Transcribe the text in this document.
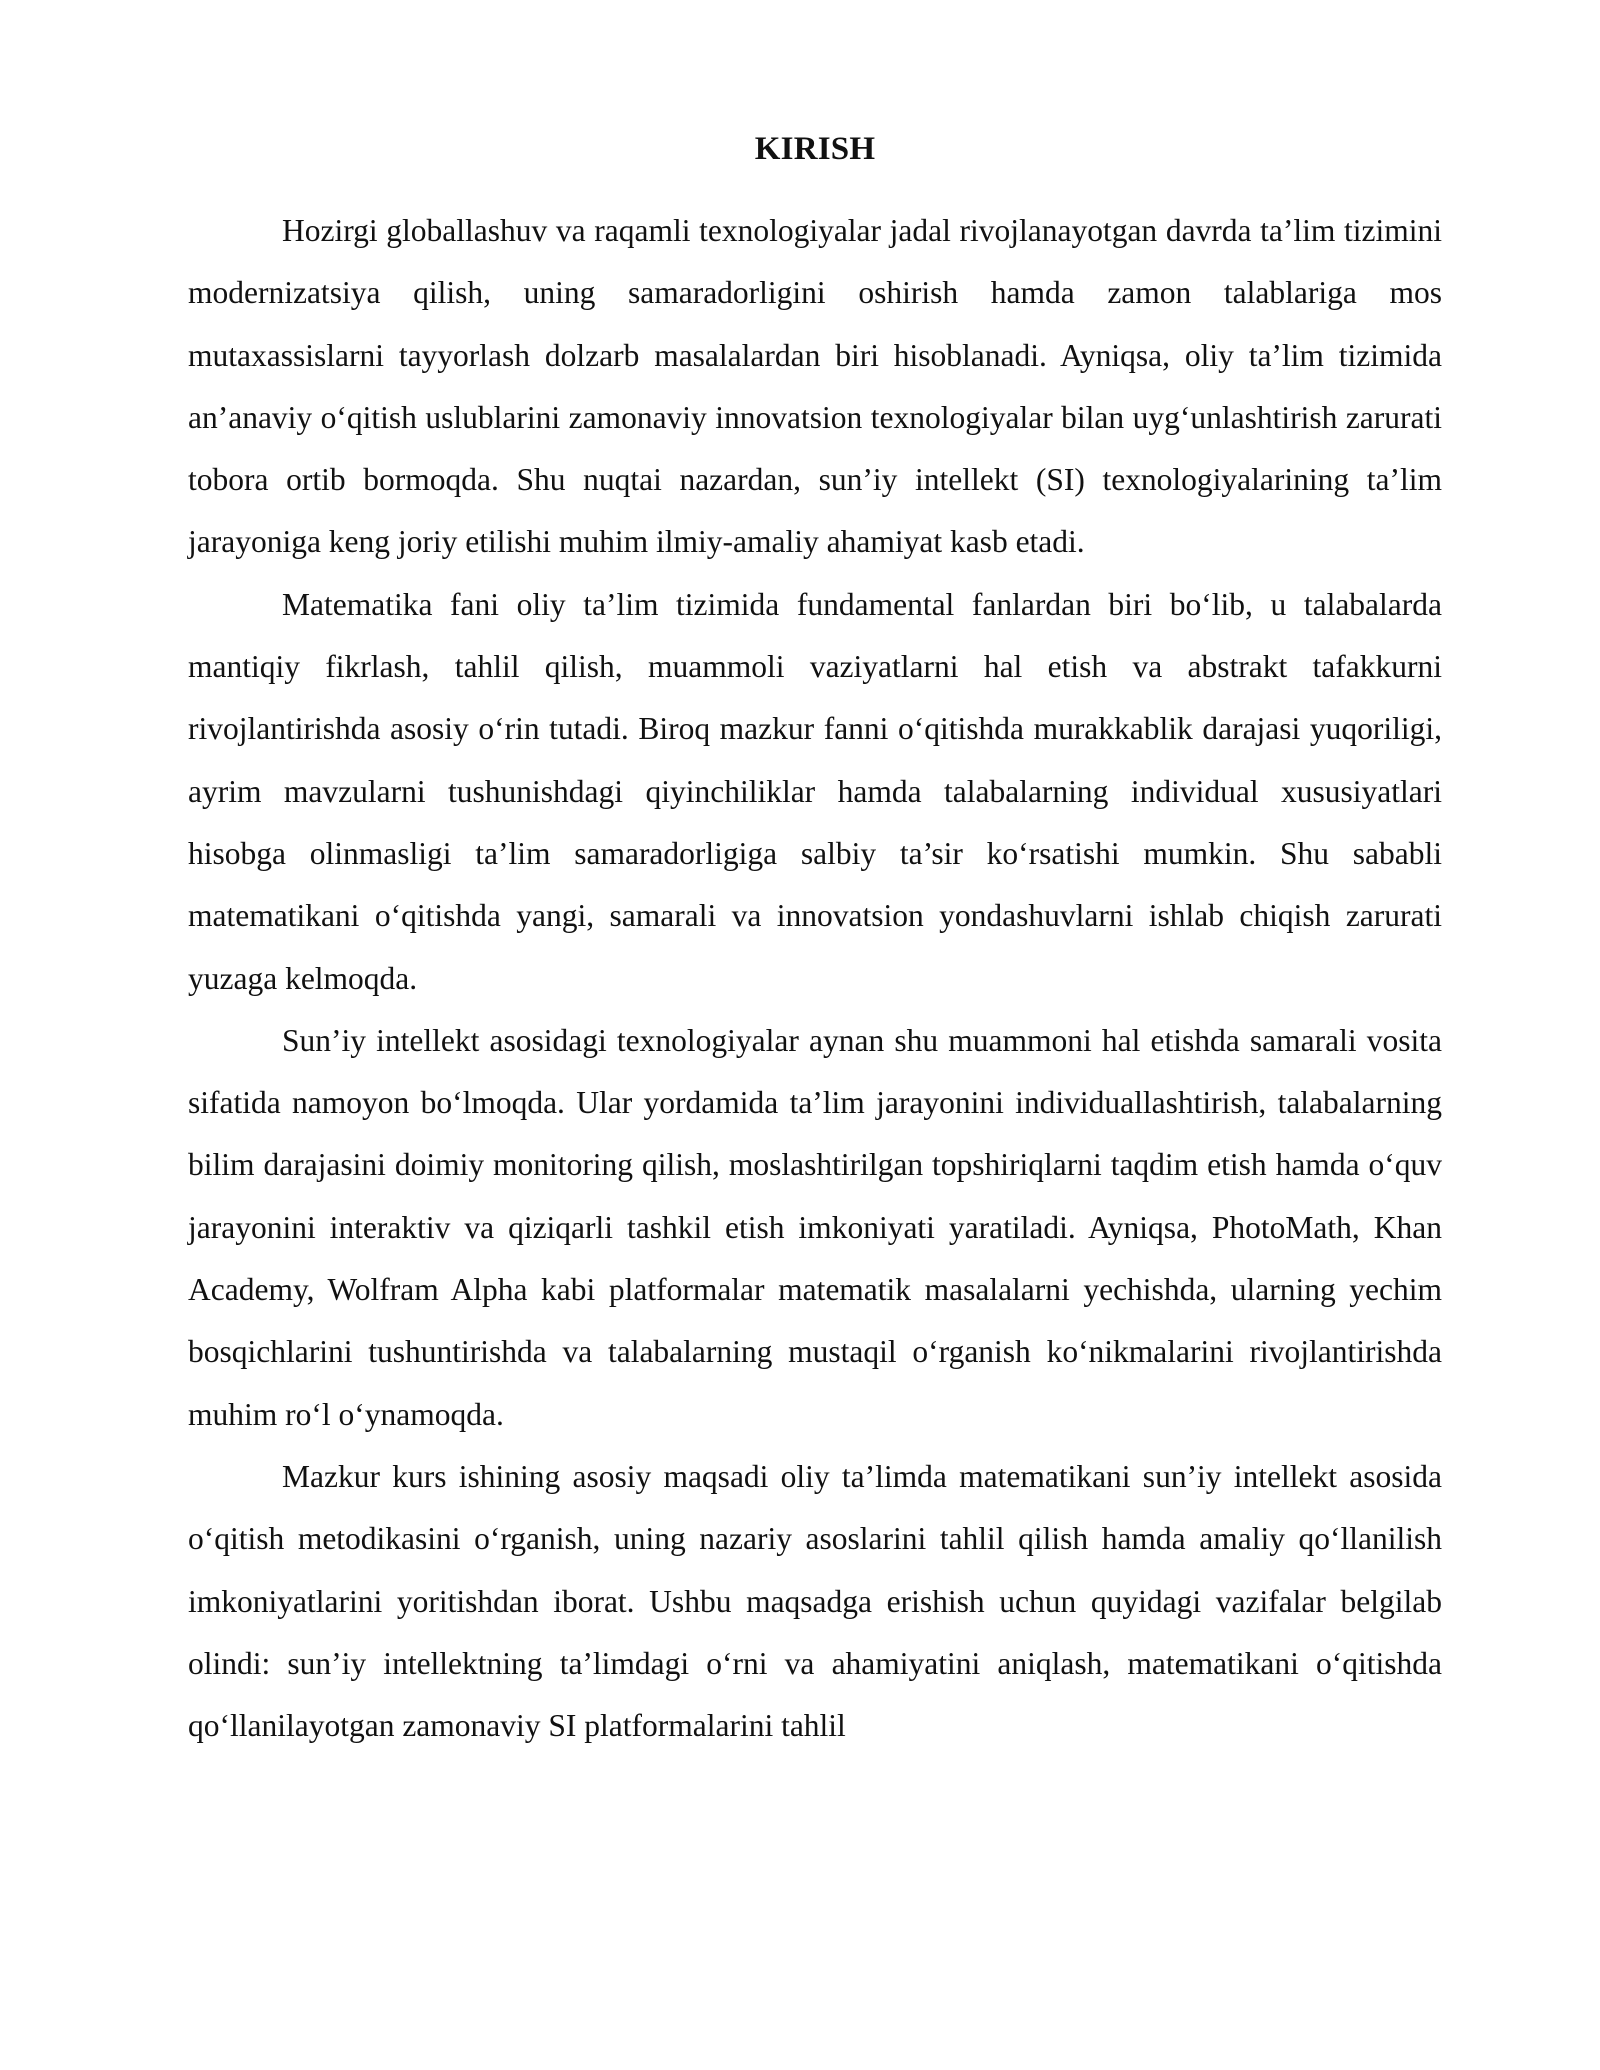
KIRISH

Hozirgi globallashuv va raqamli texnologiyalar jadal rivojlanayotgan davrda ta’lim tizimini modernizatsiya qilish, uning samaradorligini oshirish hamda zamon talablariga mos mutaxassislarni tayyorlash dolzarb masalalardan biri hisoblanadi. Ayniqsa, oliy ta’lim tizimida an’anaviy o‘qitish uslublarini zamonaviy innovatsion texnologiyalar bilan uyg‘unlashtirish zarurati tobora ortib bormoqda. Shu nuqtai nazardan, sun’iy intellekt (SI) texnologiyalarining ta’lim jarayoniga keng joriy etilishi muhim ilmiy-amaliy ahamiyat kasb etadi.

Matematika fani oliy ta’lim tizimida fundamental fanlardan biri bo‘lib, u talabalarda mantiqiy fikrlash, tahlil qilish, muammoli vaziyatlarni hal etish va abstrakt tafakkurni rivojlantirishda asosiy o‘rin tutadi. Biroq mazkur fanni o‘qitishda murakkablik darajasi yuqoriligi, ayrim mavzularni tushunishdagi qiyinchiliklar hamda talabalarning individual xususiyatlari hisobga olinmasligi ta’lim samaradorligiga salbiy ta’sir ko‘rsatishi mumkin. Shu sababli matematikani o‘qitishda yangi, samarali va innovatsion yondashuvlarni ishlab chiqish zarurati yuzaga kelmoqda.

Sun’iy intellekt asosidagi texnologiyalar aynan shu muammoni hal etishda samarali vosita sifatida namoyon bo‘lmoqda. Ular yordamida ta’lim jarayonini individuallashtirish, talabalarning bilim darajasini doimiy monitoring qilish, moslashtirilgan topshiriqlarni taqdim etish hamda o‘quv jarayonini interaktiv va qiziqarli tashkil etish imkoniyati yaratiladi. Ayniqsa, PhotoMath, Khan Academy, Wolfram Alpha kabi platformalar matematik masalalarni yechishda, ularning yechim bosqichlarini tushuntirishda va talabalarning mustaqil o‘rganish ko‘nikmalarini rivojlantirishda muhim ro‘l o‘ynamoqda.

Mazkur kurs ishining asosiy maqsadi oliy ta’limda matematikani sun’iy intellekt asosida o‘qitish metodikasini o‘rganish, uning nazariy asoslarini tahlil qilish hamda amaliy qo‘llanilish imkoniyatlarini yoritishdan iborat. Ushbu maqsadga erishish uchun quyidagi vazifalar belgilab olindi: sun’iy intellektning ta’limdagi o‘rni va ahamiyatini aniqlash, matematikani o‘qitishda qo‘llanilayotgan zamonaviy SI platformalarini tahlil
